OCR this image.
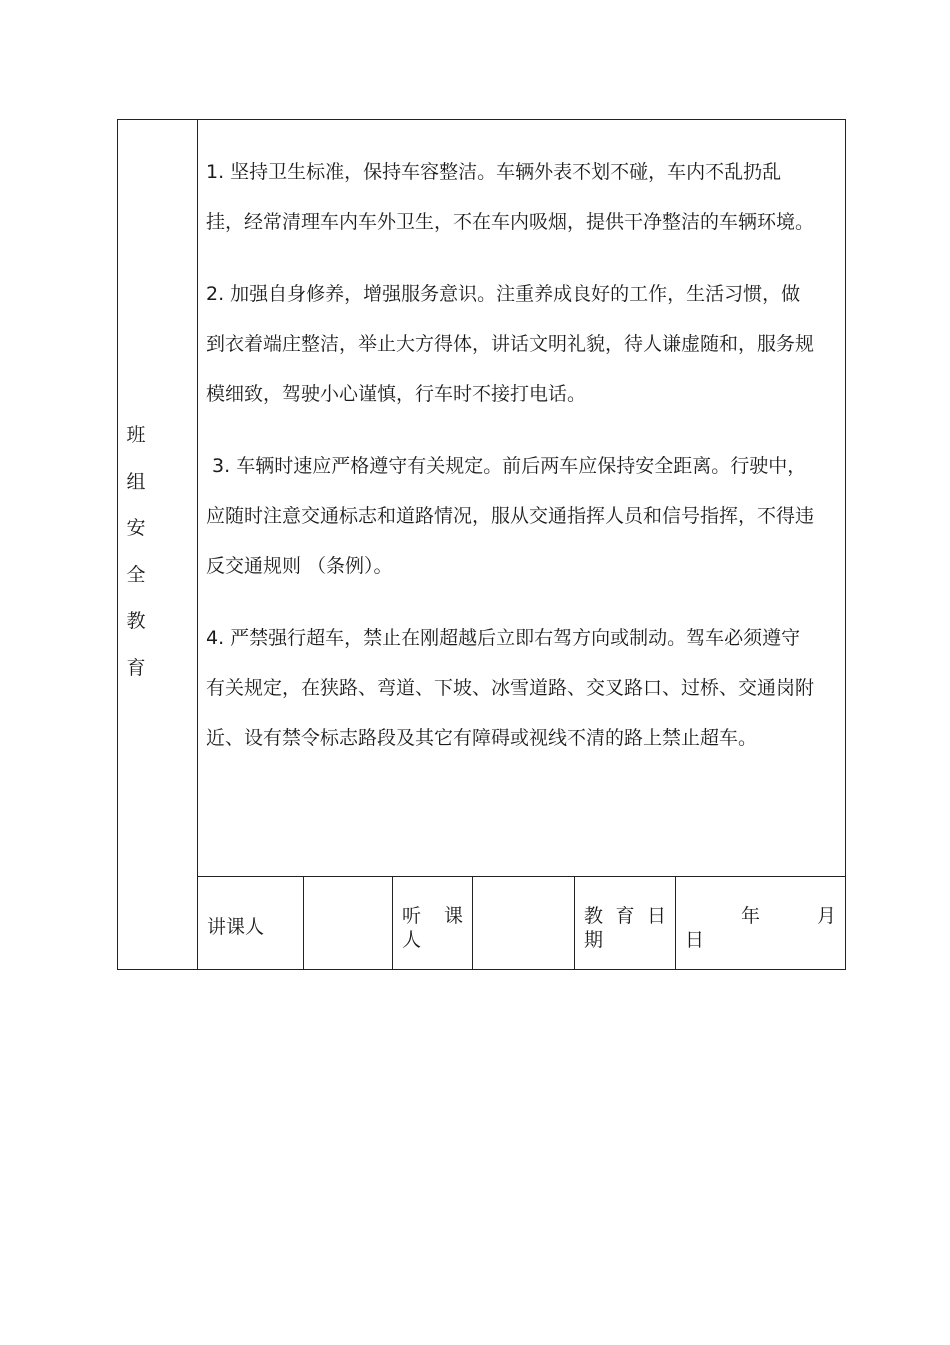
班
组
安
全
教
育

1. 坚持卫生标准，保持车容整洁。车辆外表不划不碰，车内不乱扔乱挂，经常清理车内车外卫生，不在车内吸烟，提供干净整洁的车辆环境。

2. 加强自身修养，增强服务意识。注重养成良好的工作，生活习惯，做到衣着端庄整洁，举止大方得体，讲话文明礼貌，待人谦虚随和，服务规模细致，驾驶小心谨慎，行车时不接打电话。

3. 车辆时速应严格遵守有关规定。前后两车应保持安全距离。行驶中，应随时注意交通标志和道路情况，服从交通指挥人员和信号指挥，不得违反交通规则 （条例）。

4. 严禁强行超车，禁止在刚超越后立即右驾方向或制动。驾车必须遵守有关规定，在狭路、弯道、下坡、冰雪道路、交叉路口、过桥、交通岗附近、设有禁令标志路段及其它有障碍或视线不清的路上禁止超车。

讲课人	听课
人
教育日
期
年月
日
